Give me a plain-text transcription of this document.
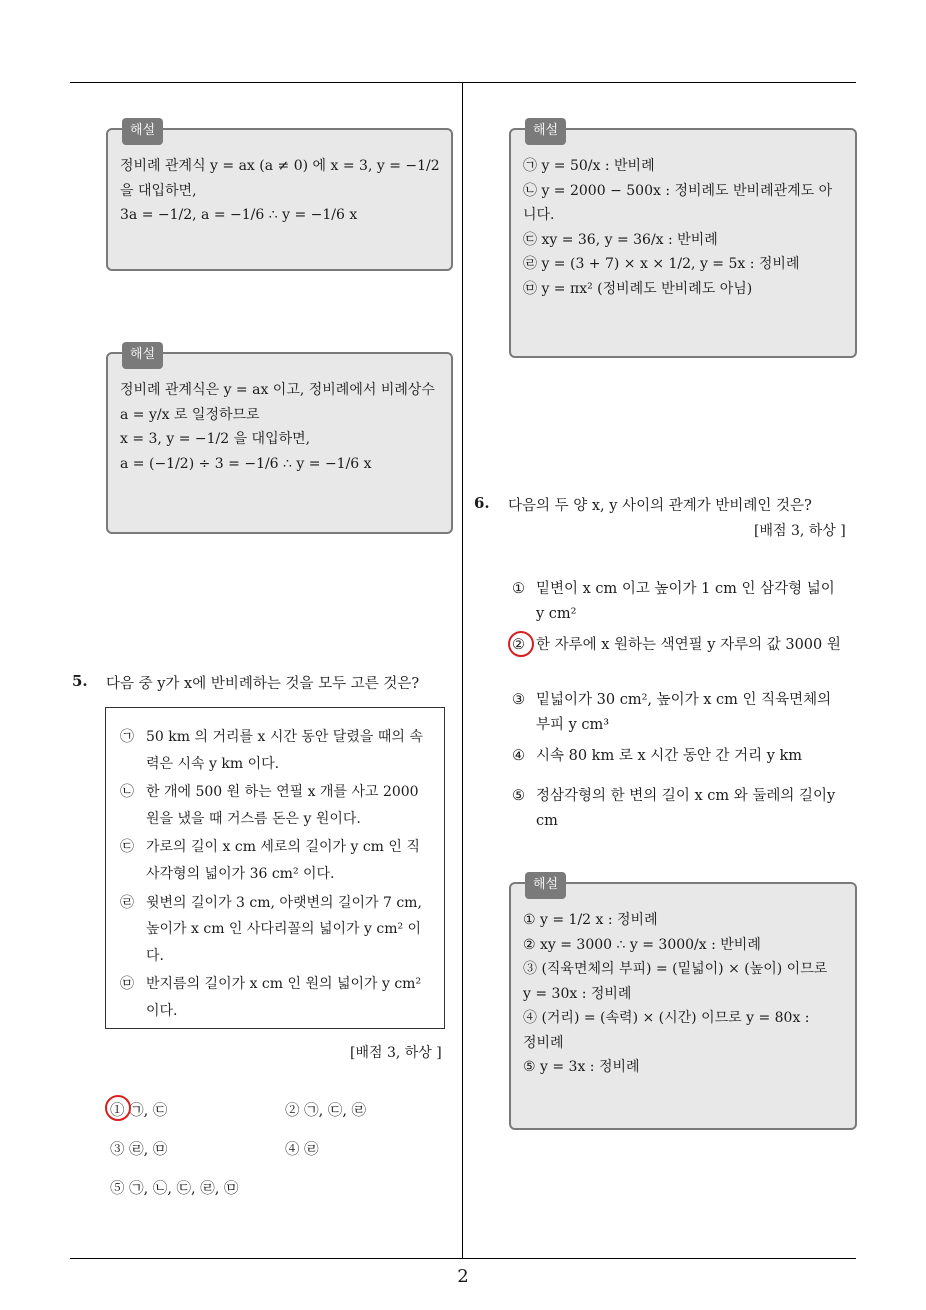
해설
정비례 관계식 y = ax (a ≠ 0) 에 x = 3, y = −1/2
을 대입하면,
3a = −1/2, a = −1/6 ∴ y = −1/6 x
해설
정비례 관계식은 y = ax 이고, 정비례에서 비례상수 a = y/x 로 일정하므로
x = 3, y = −1/2 을 대입하면,
a = (−1/2) ÷ 3 = −1/6 ∴ y = −1/6 x
5. 다음 중 y가 x에 반비례하는 것을 모두 고른 것은?
㉠ 50 km 의 거리를 x 시간 동안 달렸을 때의 속력은 시속 y km 이다.
㉡ 한 개에 500 원 하는 연필 x 개를 사고 2000 원을 냈을 때 거스름 돈은 y 원이다.
㉢ 가로의 길이 x cm 세로의 길이가 y cm 인 직사각형의 넓이가 36 cm² 이다.
㉣ 윗변의 길이가 3 cm, 아랫변의 길이가 7 cm, 높이가 x cm 인 사다리꼴의 넓이가 y cm² 이다.
㉤ 반지름의 길이가 x cm 인 원의 넓이가 y cm² 이다.
[배점 3, 하상 ]
① ㉠, ㉢	② ㉠, ㉢, ㉣
③ ㉣, ㉤	④ ㉣
⑤ ㉠, ㉡, ㉢, ㉣, ㉤
해설
㉠ y = 50/x : 반비례
㉡ y = 2000 − 500x : 정비례도 반비례관계도 아니다.
㉢ xy = 36, y = 36/x : 반비례
㉣ y = (3 + 7) × x × 1/2, y = 5x : 정비례
㉤ y = πx² (정비례도 반비례도 아님)
6. 다음의 두 양 x, y 사이의 관계가 반비례인 것은?
[배점 3, 하상 ]
① 밑변이 x cm 이고 높이가 1 cm 인 삼각형 넓이 y cm²
② 한 자루에 x 원하는 색연필 y 자루의 값 3000 원
③ 밑넓이가 30 cm², 높이가 x cm 인 직육면체의 부피 y cm³
④ 시속 80 km 로 x 시간 동안 간 거리 y km
⑤ 정삼각형의 한 변의 길이 x cm 와 둘레의 길이y cm
해설
① y = 1/2 x : 정비례
② xy = 3000 ∴ y = 3000/x : 반비례
③ (직육면체의 부피) = (밑넓이) × (높이) 이므로
y = 30x : 정비례
④ (거리) = (속력) × (시간) 이므로 y = 80x :
정비례
⑤ y = 3x : 정비례
2
